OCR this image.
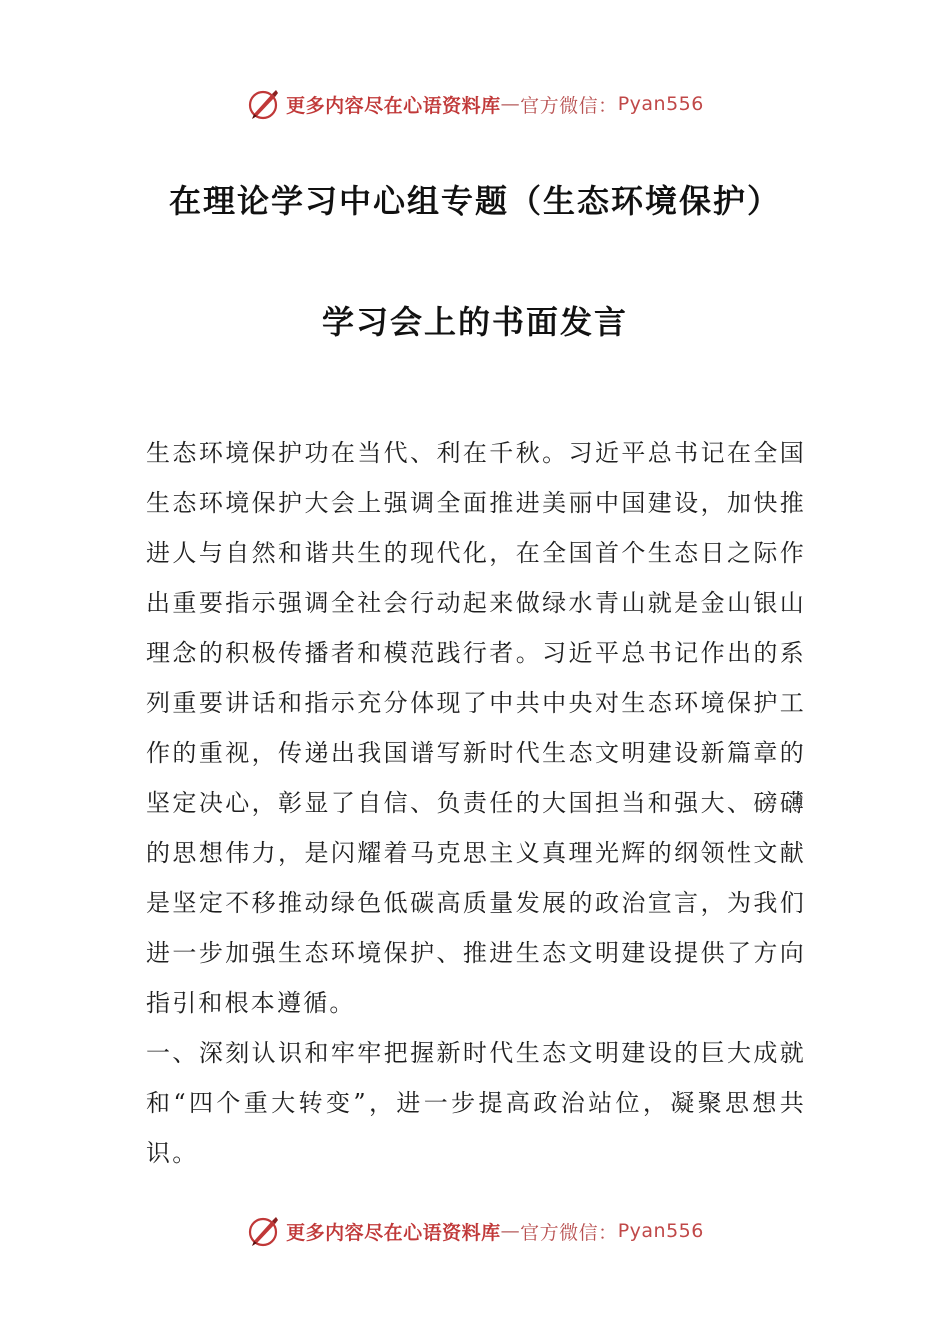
更多内容尽在心语资料库 — 官方微信： Pyan556
在理论学习中心组专题（生态环境保护）
学习会上的书面发言

生态环境保护功在当代、利在千秋。习近平总书记在全国生态环境保护大会上强调全面推进美丽中国建设，加快推进人与自然和谐共生的现代化，在全国首个生态日之际作出重要指示强调全社会行动起来做绿水青山就是金山银山理念的积极传播者和模范践行者。习近平总书记作出的系列重要讲话和指示充分体现了中共中央对生态环境保护工作的重视，传递出我国谱写新时代生态文明建设新篇章的坚定决心，彰显了自信、负责任的大国担当和强大、磅礴的思想伟力，是闪耀着马克思主义真理光辉的纲领性文献是坚定不移推动绿色低碳高质量发展的政治宣言，为我们进一步加强生态环境保护、推进生态文明建设提供了方向指引和根本遵循。

一、深刻认识和牢牢把握新时代生态文明建设的巨大成就和“四个重大转变”，进一步提高政治站位，凝聚思想共识。

更多内容尽在心语资料库 — 官方微信： Pyan556
